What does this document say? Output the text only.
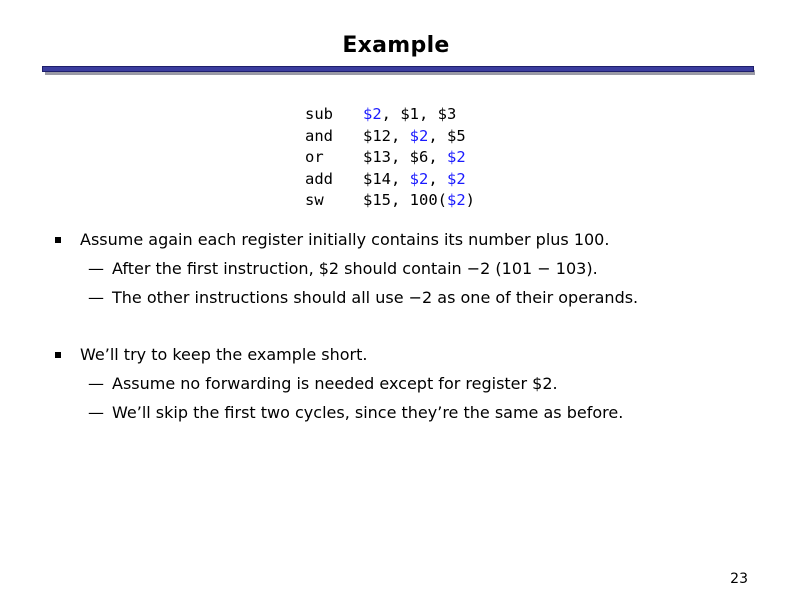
Example
sub $2, $1, $3
and $12, $2, $5
or	$13, $6, $2
add $14, $2, $2
sw	$15, 100($2)
Assume again each register initially contains its number plus 100.
— After the first instruction, $2 should contain −2 (101 − 103).
— The other instructions should all use −2 as one of their operands.
We’ll try to keep the example short.
— Assume no forwarding is needed except for register $2.
— We’ll skip the first two cycles, since they’re the same as before.
23
